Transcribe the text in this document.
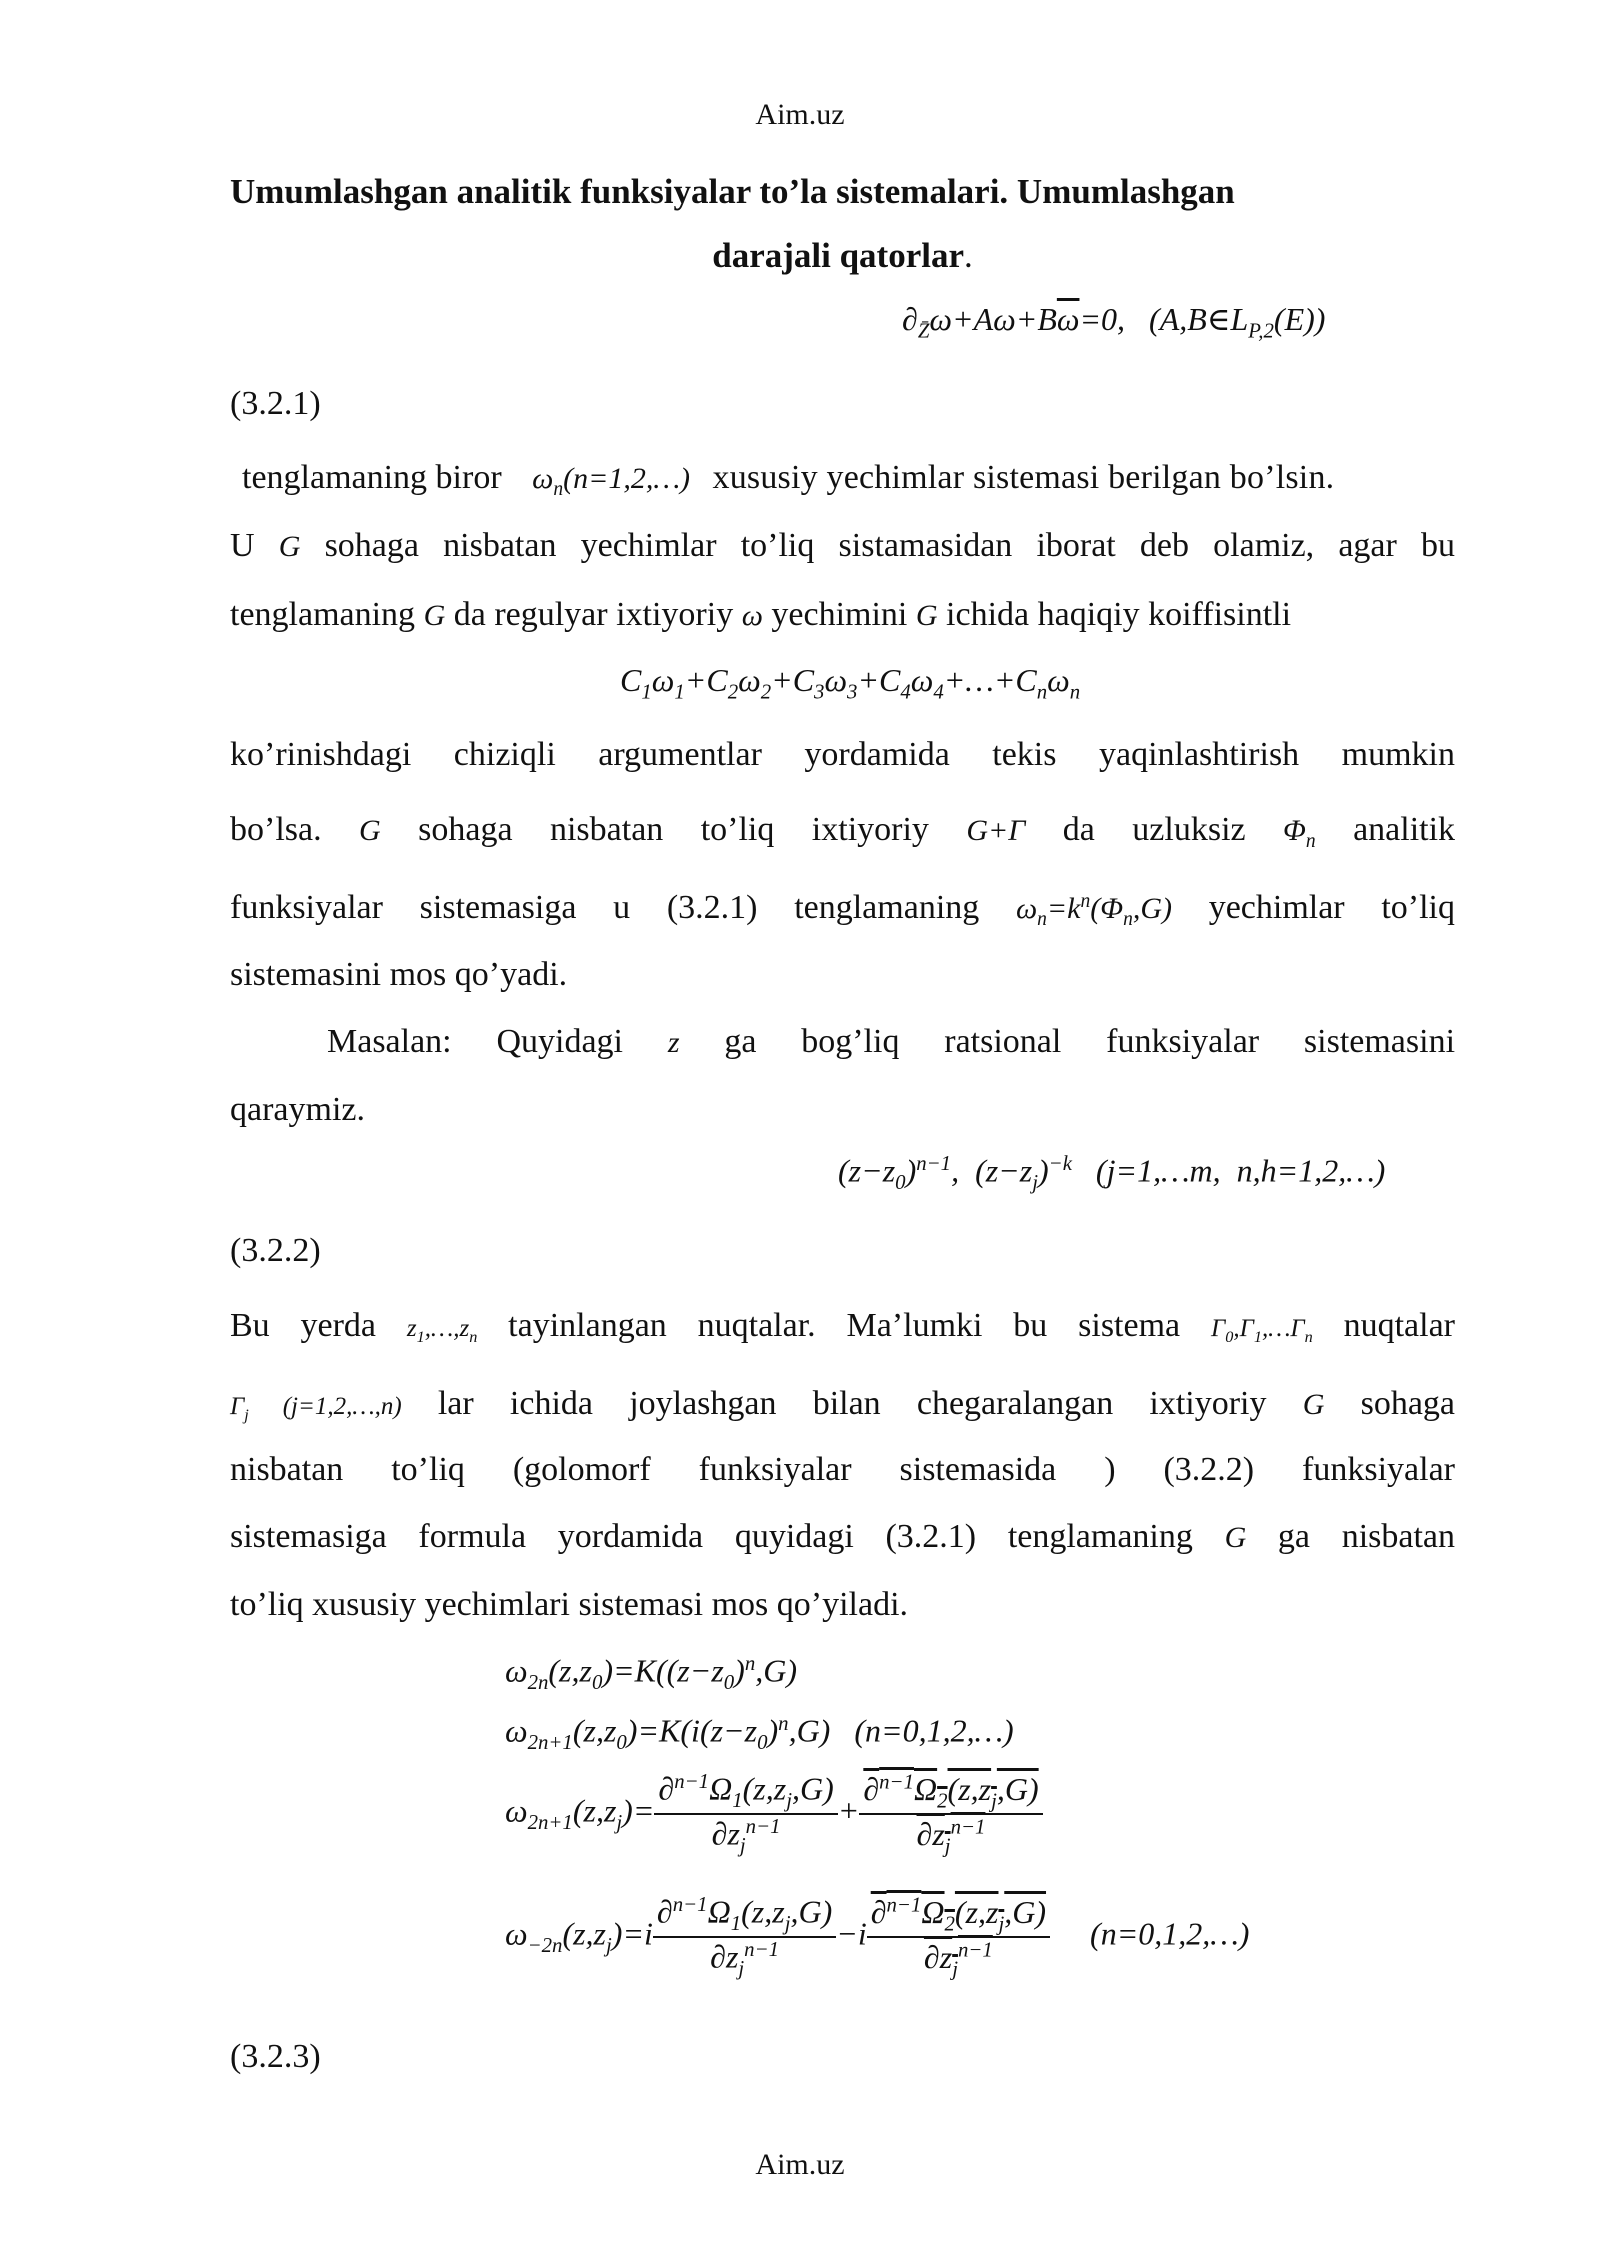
Aim.uz
Umumlashgan analitik funksiyalar to’la sistemalari. Umumlashgan
darajali qatorlar.
$\partial_{Z̄}\omega+A\omega+B\overline{\omega}=0$,   $(A,B\in L_{P,2}(E))$
(3.2.1)
tenglamaning biror $\omega_n(n=1,2,\dots)$ xususiy yechimlar sistemasi berilgan bo’lsin.
U G sohaga nisbatan yechimlar to’liq sistamasidan iborat deb olamiz, agar bu
tenglamaning G da regulyar ixtiyoriy ω yechimini G ichida haqiqiy koiffisintli
$C_1\omega_1+C_2\omega_2+C_3\omega_3+C_4\omega_4+\dots+C_n\omega_n$
ko’rinishdagi chiziqli argumentlar yordamida tekis yaqinlashtirish mumkin
bo’lsa. G sohaga nisbatan to’liq ixtiyoriy G+Γ da uzluksiz $\Phi_n$ analitik
funksiyalar sistemasiga u (3.2.1) tenglamaning $\omega_n=k^n(\Phi_n,G)$ yechimlar to’liq
sistemasini mos qo’yadi.
Masalan: Quyidagi z ga bog’liq ratsional funksiyalar sistemasini
qaraymiz.
$(z-z_0)^{n-1}$,  $(z-z_j)^{-k}$   (j=1,…m,  n,h=1,2,…)
(3.2.2)
Bu yerda $z_1,\dots,z_n$ tayinlangan nuqtalar. Ma’lumki bu sistema $\Gamma_0,\Gamma_1,\dots\Gamma_n$ nuqtalar
$\Gamma_j$ (j=1,2,…,n) lar ichida joylashgan bilan chegaralangan ixtiyoriy G sohaga
nisbatan to’liq (golomorf funksiyalar sistemasida ) (3.2.2) funksiyalar
sistemasiga formula yordamida quyidagi (3.2.1) tenglamaning G ga nisbatan
to’liq xususiy yechimlari sistemasi mos qo’yiladi.
$\omega_{2n}(z,z_0)=K((z-z_0)^n,G)$
$\omega_{2n+1}(z,z_0)=K(i(z-z_0)^n,G)$   (n=0,1,2,…)
$\omega_{2n+1}(z,z_j)= \frac{\partial^{n-1}\Omega_1(z,z_j,G)}{\partial z_j^{n-1}} + \frac{\partial^{n-1}\Omega_2(z,z_j,G)}{\partial z_j^{n-1}}$
$\omega_{-2n}(z,z_j)=i \frac{\partial^{n-1}\Omega_1(z,z_j,G)}{\partial z_j^{n-1}} -i \frac{\partial^{n-1}\Omega_2(z,z_j,G)}{\partial z_j^{n-1}}$ (n=0,1,2,…)
(3.2.3)
Aim.uz
